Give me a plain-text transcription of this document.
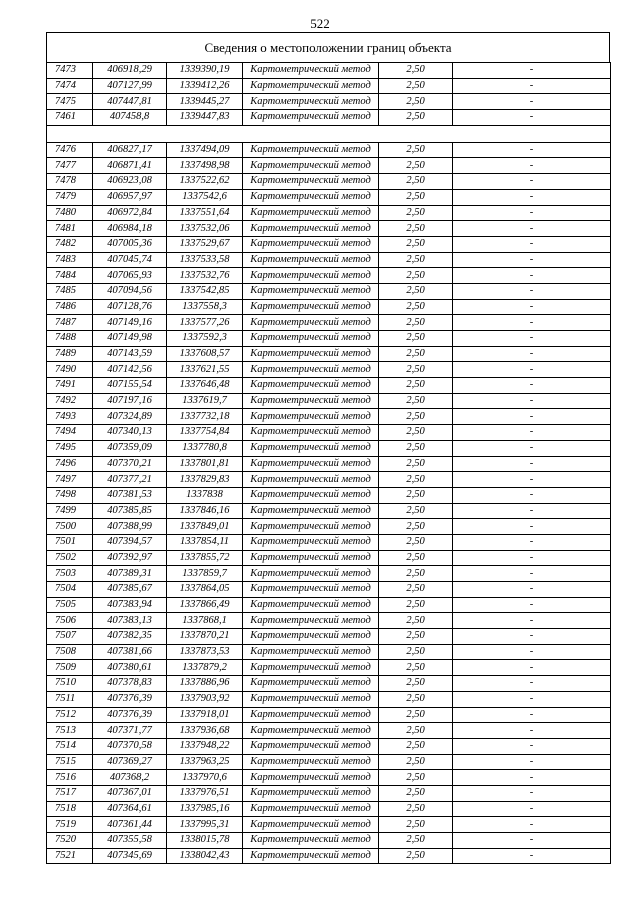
522
Сведения о местоположении границ объекта
7473	406918,29	1339390,19	Картометрический метод	2,50	-
7474	407127,99	1339412,26	Картометрический метод	2,50	-
7475	407447,81	1339445,27	Картометрический метод	2,50	-
7461	407458,8	1339447,83	Картометрический метод	2,50	-

7476	406827,17	1337494,09	Картометрический метод	2,50	-
7477	406871,41	1337498,98	Картометрический метод	2,50	-
7478	406923,08	1337522,62	Картометрический метод	2,50	-
7479	406957,97	1337542,6	Картометрический метод	2,50	-
7480	406972,84	1337551,64	Картометрический метод	2,50	-
7481	406984,18	1337532,06	Картометрический метод	2,50	-
7482	407005,36	1337529,67	Картометрический метод	2,50	-
7483	407045,74	1337533,58	Картометрический метод	2,50	-
7484	407065,93	1337532,76	Картометрический метод	2,50	-
7485	407094,56	1337542,85	Картометрический метод	2,50	-
7486	407128,76	1337558,3	Картометрический метод	2,50	-
7487	407149,16	1337577,26	Картометрический метод	2,50	-
7488	407149,98	1337592,3	Картометрический метод	2,50	-
7489	407143,59	1337608,57	Картометрический метод	2,50	-
7490	407142,56	1337621,55	Картометрический метод	2,50	-
7491	407155,54	1337646,48	Картометрический метод	2,50	-
7492	407197,16	1337619,7	Картометрический метод	2,50	-
7493	407324,89	1337732,18	Картометрический метод	2,50	-
7494	407340,13	1337754,84	Картометрический метод	2,50	-
7495	407359,09	1337780,8	Картометрический метод	2,50	-
7496	407370,21	1337801,81	Картометрический метод	2,50	-
7497	407377,21	1337829,83	Картометрический метод	2,50	-
7498	407381,53	1337838	Картометрический метод	2,50	-
7499	407385,85	1337846,16	Картометрический метод	2,50	-
7500	407388,99	1337849,01	Картометрический метод	2,50	-
7501	407394,57	1337854,11	Картометрический метод	2,50	-
7502	407392,97	1337855,72	Картометрический метод	2,50	-
7503	407389,31	1337859,7	Картометрический метод	2,50	-
7504	407385,67	1337864,05	Картометрический метод	2,50	-
7505	407383,94	1337866,49	Картометрический метод	2,50	-
7506	407383,13	1337868,1	Картометрический метод	2,50	-
7507	407382,35	1337870,21	Картометрический метод	2,50	-
7508	407381,66	1337873,53	Картометрический метод	2,50	-
7509	407380,61	1337879,2	Картометрический метод	2,50	-
7510	407378,83	1337886,96	Картометрический метод	2,50	-
7511	407376,39	1337903,92	Картометрический метод	2,50	-
7512	407376,39	1337918,01	Картометрический метод	2,50	-
7513	407371,77	1337936,68	Картометрический метод	2,50	-
7514	407370,58	1337948,22	Картометрический метод	2,50	-
7515	407369,27	1337963,25	Картометрический метод	2,50	-
7516	407368,2	1337970,6	Картометрический метод	2,50	-
7517	407367,01	1337976,51	Картометрический метод	2,50	-
7518	407364,61	1337985,16	Картометрический метод	2,50	-
7519	407361,44	1337995,31	Картометрический метод	2,50	-
7520	407355,58	1338015,78	Картометрический метод	2,50	-
7521	407345,69	1338042,43	Картометрический метод	2,50	-
